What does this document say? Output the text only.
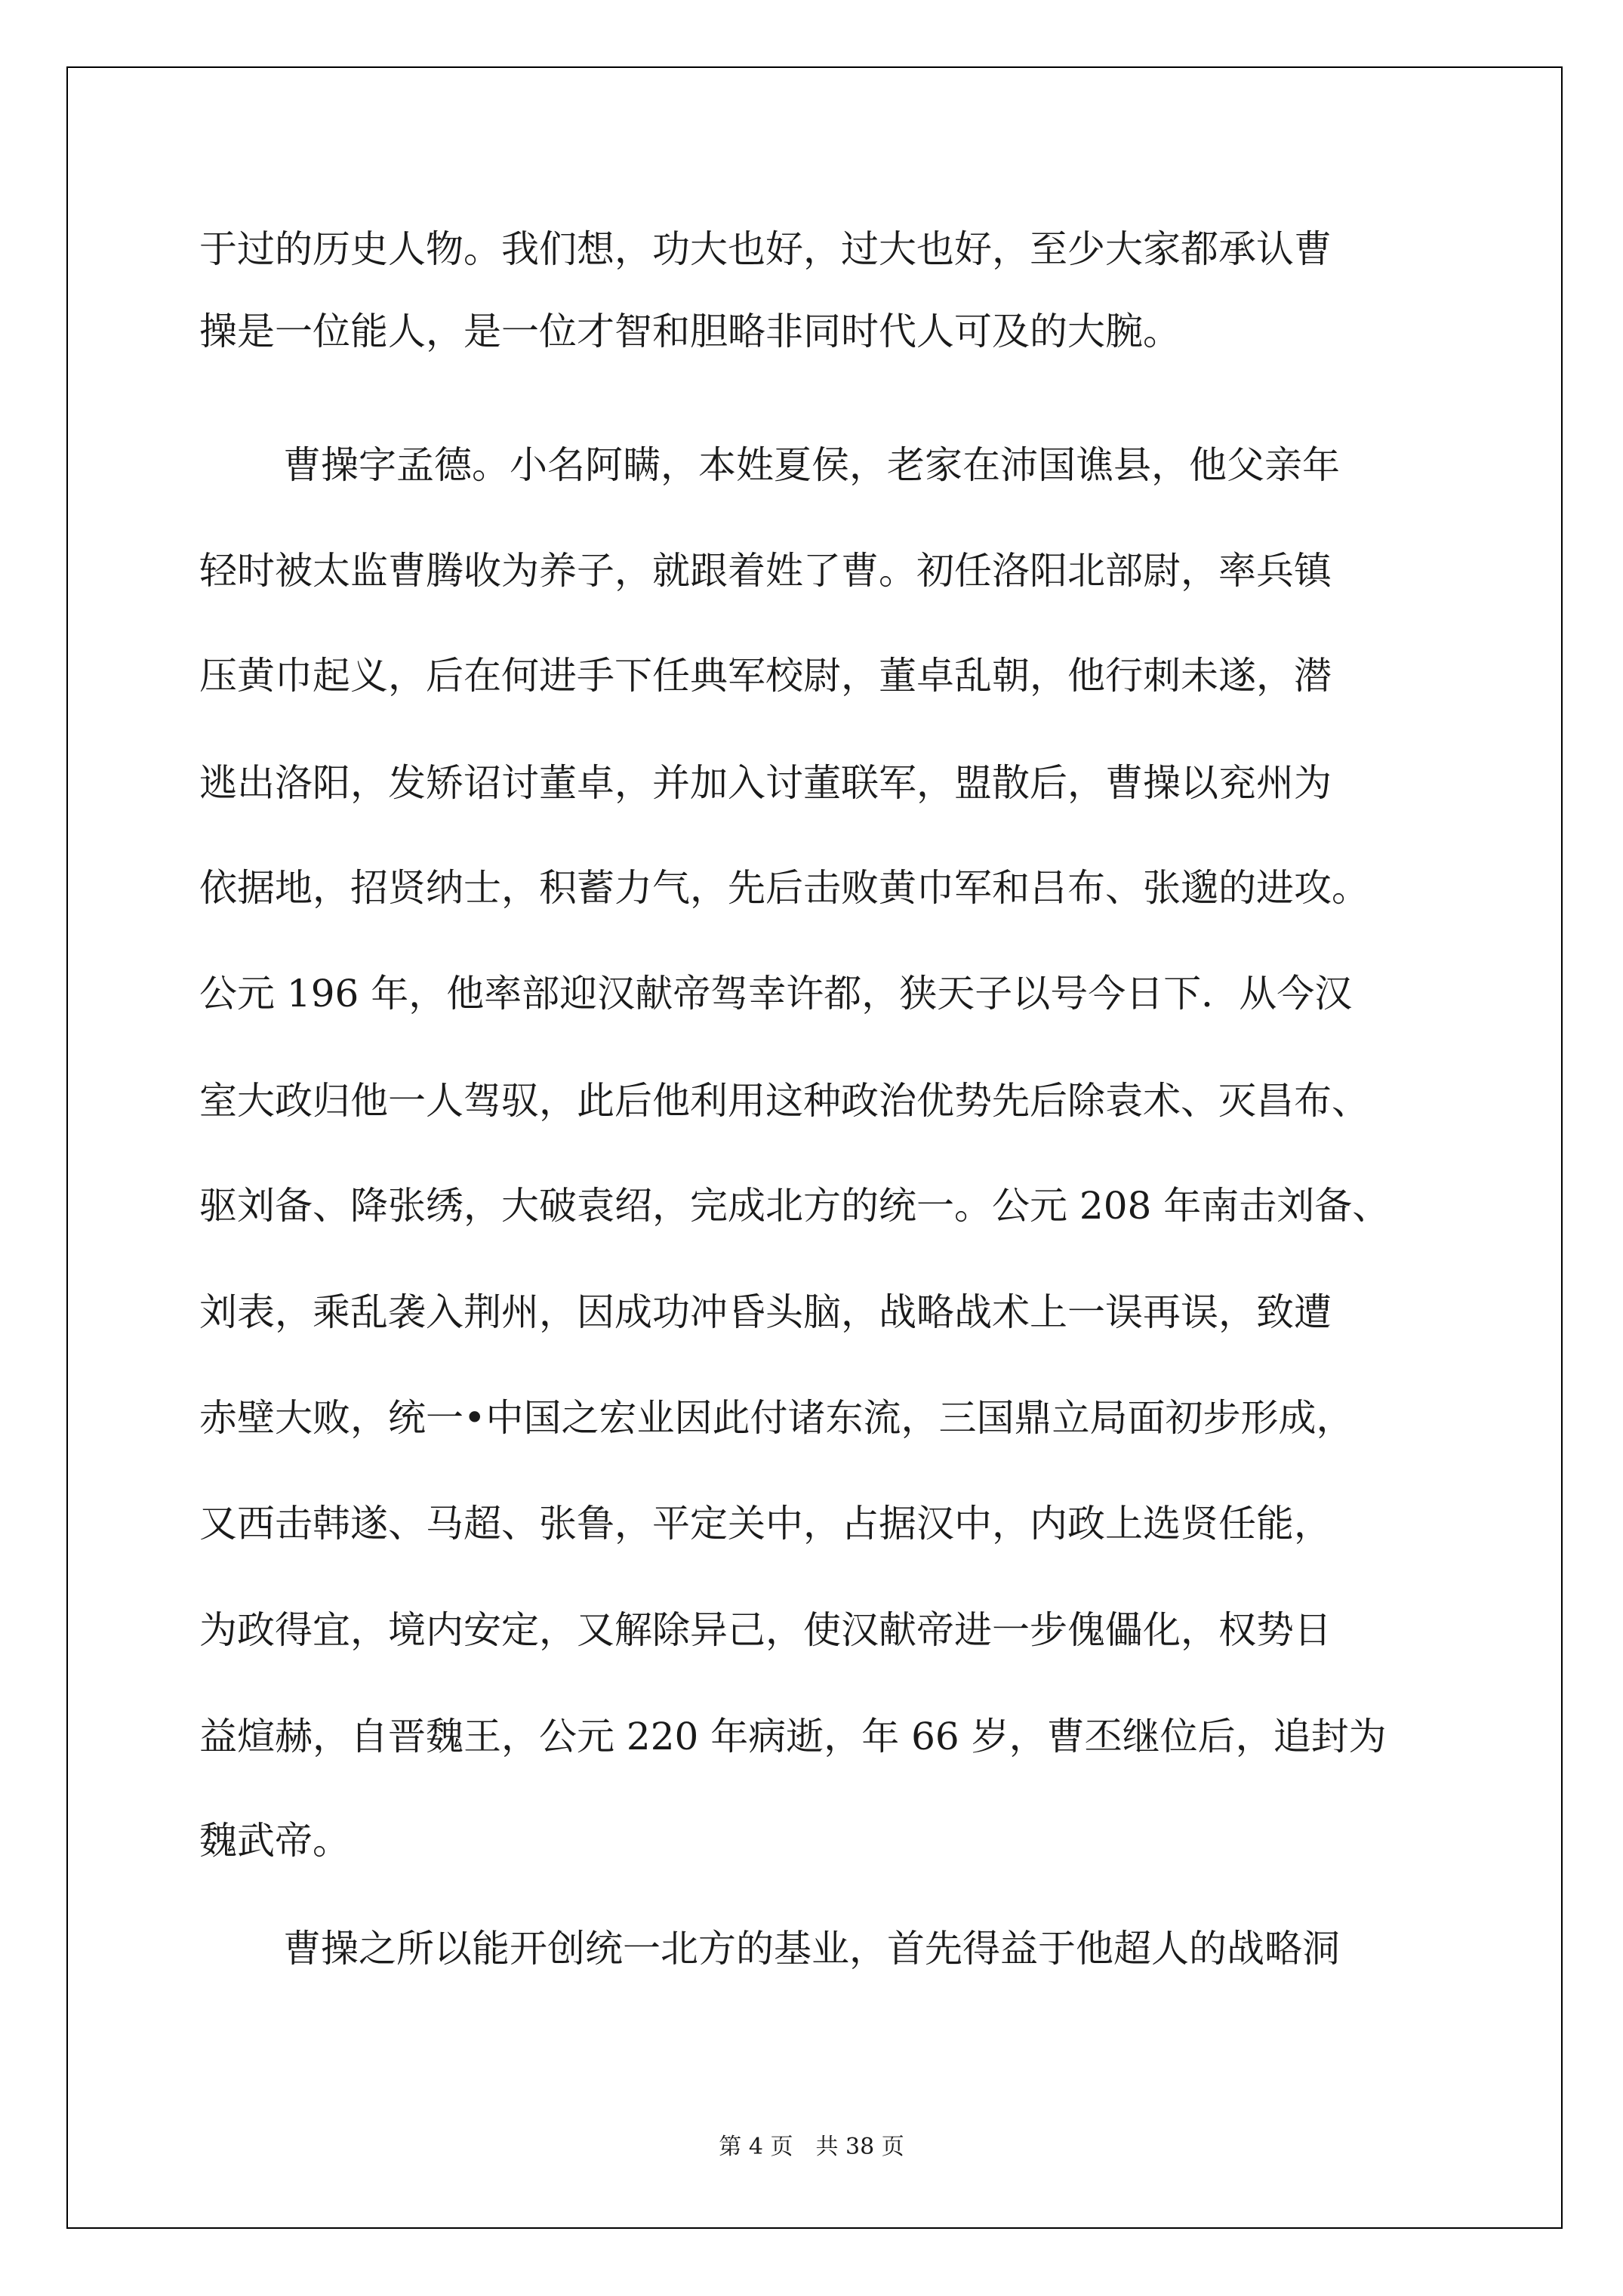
于过的历史人物。我们想，功大也好，过大也好，至少大家都承认曹
操是一位能人，是一位才智和胆略非同时代人可及的大腕。
曹操字孟德。小名阿瞒，本姓夏侯，老家在沛国谯县，他父亲年
轻时被太监曹腾收为养子，就跟着姓了曹。初任洛阳北部尉，率兵镇
压黄巾起义，后在何进手下任典军校尉，董卓乱朝，他行刺未遂，潜
逃出洛阳，发矫诏讨董卓，并加入讨董联军，盟散后，曹操以兖州为
依据地，招贤纳士，积蓄力气，先后击败黄巾军和吕布、张邈的进攻。
公元 196 年，他率部迎汉献帝驾幸许都，狭天子以号今日下．从今汉
室大政归他一人驾驭，此后他利用这种政治优势先后除袁术、灭昌布、
驱刘备、降张绣，大破袁绍，完成北方的统一。公元 208 年南击刘备、
刘表，乘乱袭入荆州，因成功冲昏头脑，战略战术上一误再误，致遭
赤壁大败，统一•中国之宏业因此付诸东流，三国鼎立局面初步形成，
又西击韩遂、马超、张鲁，平定关中，占据汉中，内政上选贤任能，
为政得宜，境内安定，又解除异己，使汉献帝进一步傀儡化，权势日
益煊赫，自晋魏王，公元 220 年病逝，年 66 岁，曹丕继位后，追封为
魏武帝。
曹操之所以能开创统一北方的基业，首先得益于他超人的战略洞
第 4 页　共 38 页
